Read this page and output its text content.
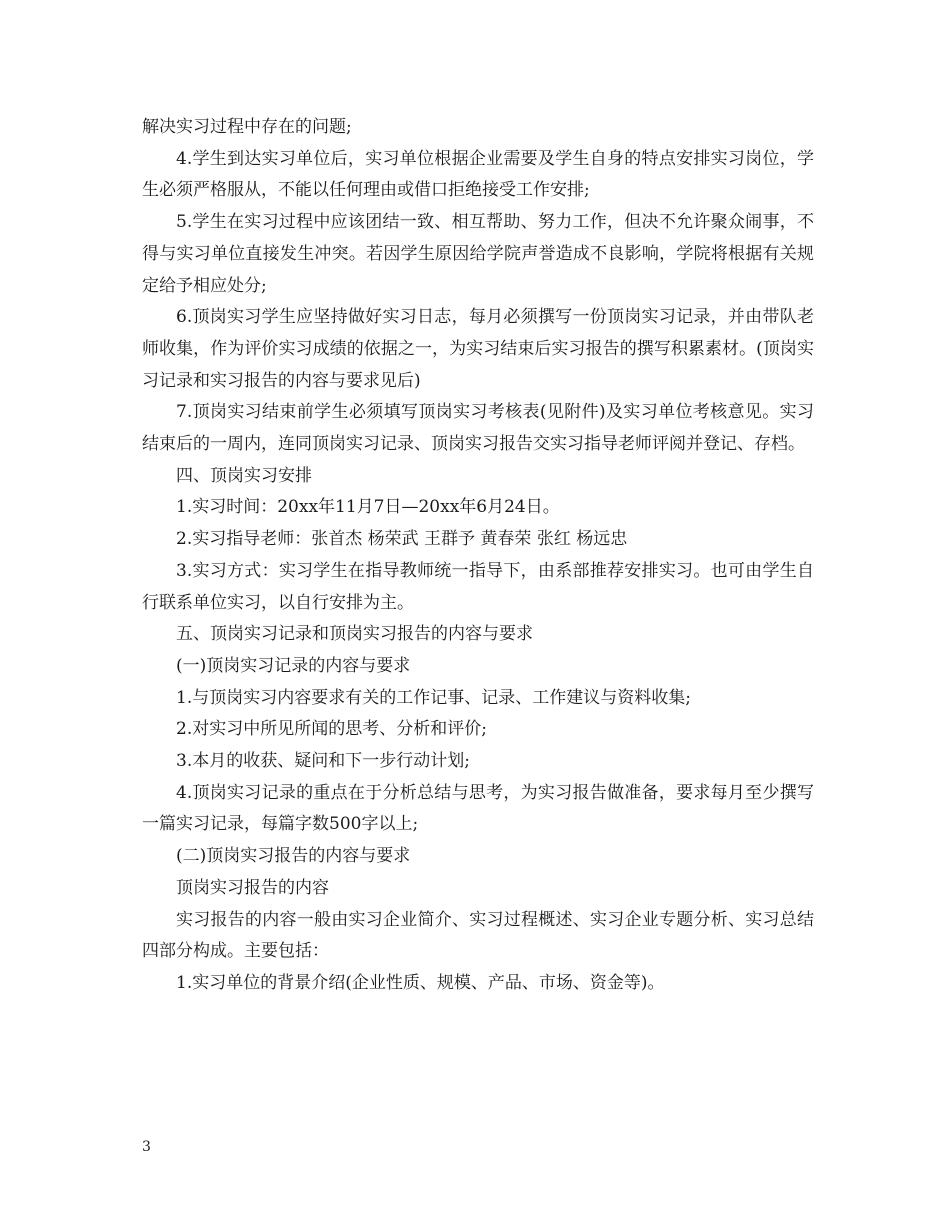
解决实习过程中存在的问题;

4.学生到达实习单位后，实习单位根据企业需要及学生自身的特点安排实习岗位，学生必须严格服从，不能以任何理由或借口拒绝接受工作安排;

5.学生在实习过程中应该团结一致、相互帮助、努力工作，但决不允许聚众闹事，不得与实习单位直接发生冲突。若因学生原因给学院声誉造成不良影响，学院将根据有关规定给予相应处分;

6.顶岗实习学生应坚持做好实习日志，每月必须撰写一份顶岗实习记录，并由带队老师收集，作为评价实习成绩的依据之一，为实习结束后实习报告的撰写积累素材。(顶岗实习记录和实习报告的内容与要求见后)

7.顶岗实习结束前学生必须填写顶岗实习考核表(见附件)及实习单位考核意见。实习结束后的一周内，连同顶岗实习记录、顶岗实习报告交实习指导老师评阅并登记、存档。

四、顶岗实习安排

1.实习时间：20xx年11月7日—20xx年6月24日。

2.实习指导老师：张首杰 杨荣武 王群予 黄春荣 张红 杨远忠

3.实习方式：实习学生在指导教师统一指导下，由系部推荐安排实习。也可由学生自行联系单位实习，以自行安排为主。

五、顶岗实习记录和顶岗实习报告的内容与要求

(一)顶岗实习记录的内容与要求

1.与顶岗实习内容要求有关的工作记事、记录、工作建议与资料收集;

2.对实习中所见所闻的思考、分析和评价;

3.本月的收获、疑问和下一步行动计划;

4.顶岗实习记录的重点在于分析总结与思考，为实习报告做准备，要求每月至少撰写一篇实习记录，每篇字数500字以上;

(二)顶岗实习报告的内容与要求

顶岗实习报告的内容

实习报告的内容一般由实习企业简介、实习过程概述、实习企业专题分析、实习总结四部分构成。主要包括：

1.实习单位的背景介绍(企业性质、规模、产品、市场、资金等)。

3
